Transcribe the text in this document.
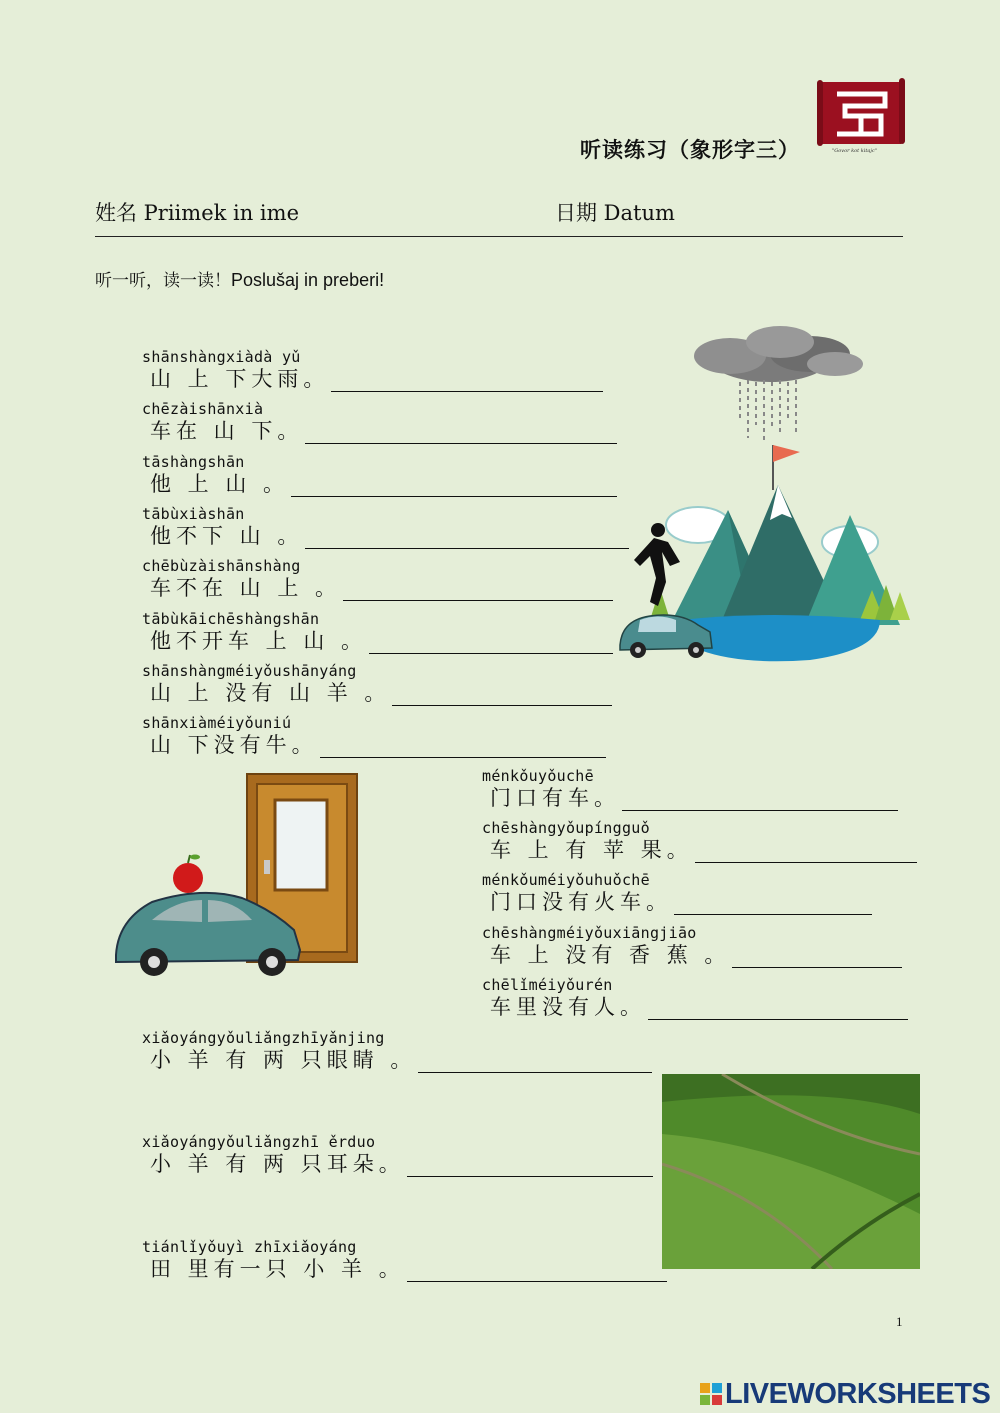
听读练习（象形字三）	"Govor kot kitajc"
姓名 Priimek in ime	日期 Datum
听一听，读一读！Poslušaj in preberi!
shānshàngxiàdà yǔ
山 上 下大雨。
chēzàishānxià
车在 山 下。
tāshàngshān
他 上 山 。
tābùxiàshān
他不下 山 。
chēbùzàishānshàng
车不在 山 上 。
tābùkāichēshàngshān
他不开车 上 山 。
shānshàngméiyǒushānyáng
山 上 没有 山 羊 。
shānxiàméiyǒuniú
山 下没有牛。
ménkǒuyǒuchē
门口有车。
chēshàngyǒupíngguǒ
车 上 有 苹 果。
ménkǒuméiyǒuhuǒchē
门口没有火车。
chēshàngméiyǒuxiāngjiāo
车 上 没有 香 蕉 。
chēlǐméiyǒurén
车里没有人。
xiǎoyángyǒuliǎngzhīyǎnjing
小 羊 有 两 只眼睛 。
xiǎoyángyǒuliǎngzhī ěrduo
小 羊 有 两 只耳朵。
tiánlǐyǒuyì zhīxiǎoyáng
田 里有一只 小 羊 。
1
LIVEWORKSHEETS
